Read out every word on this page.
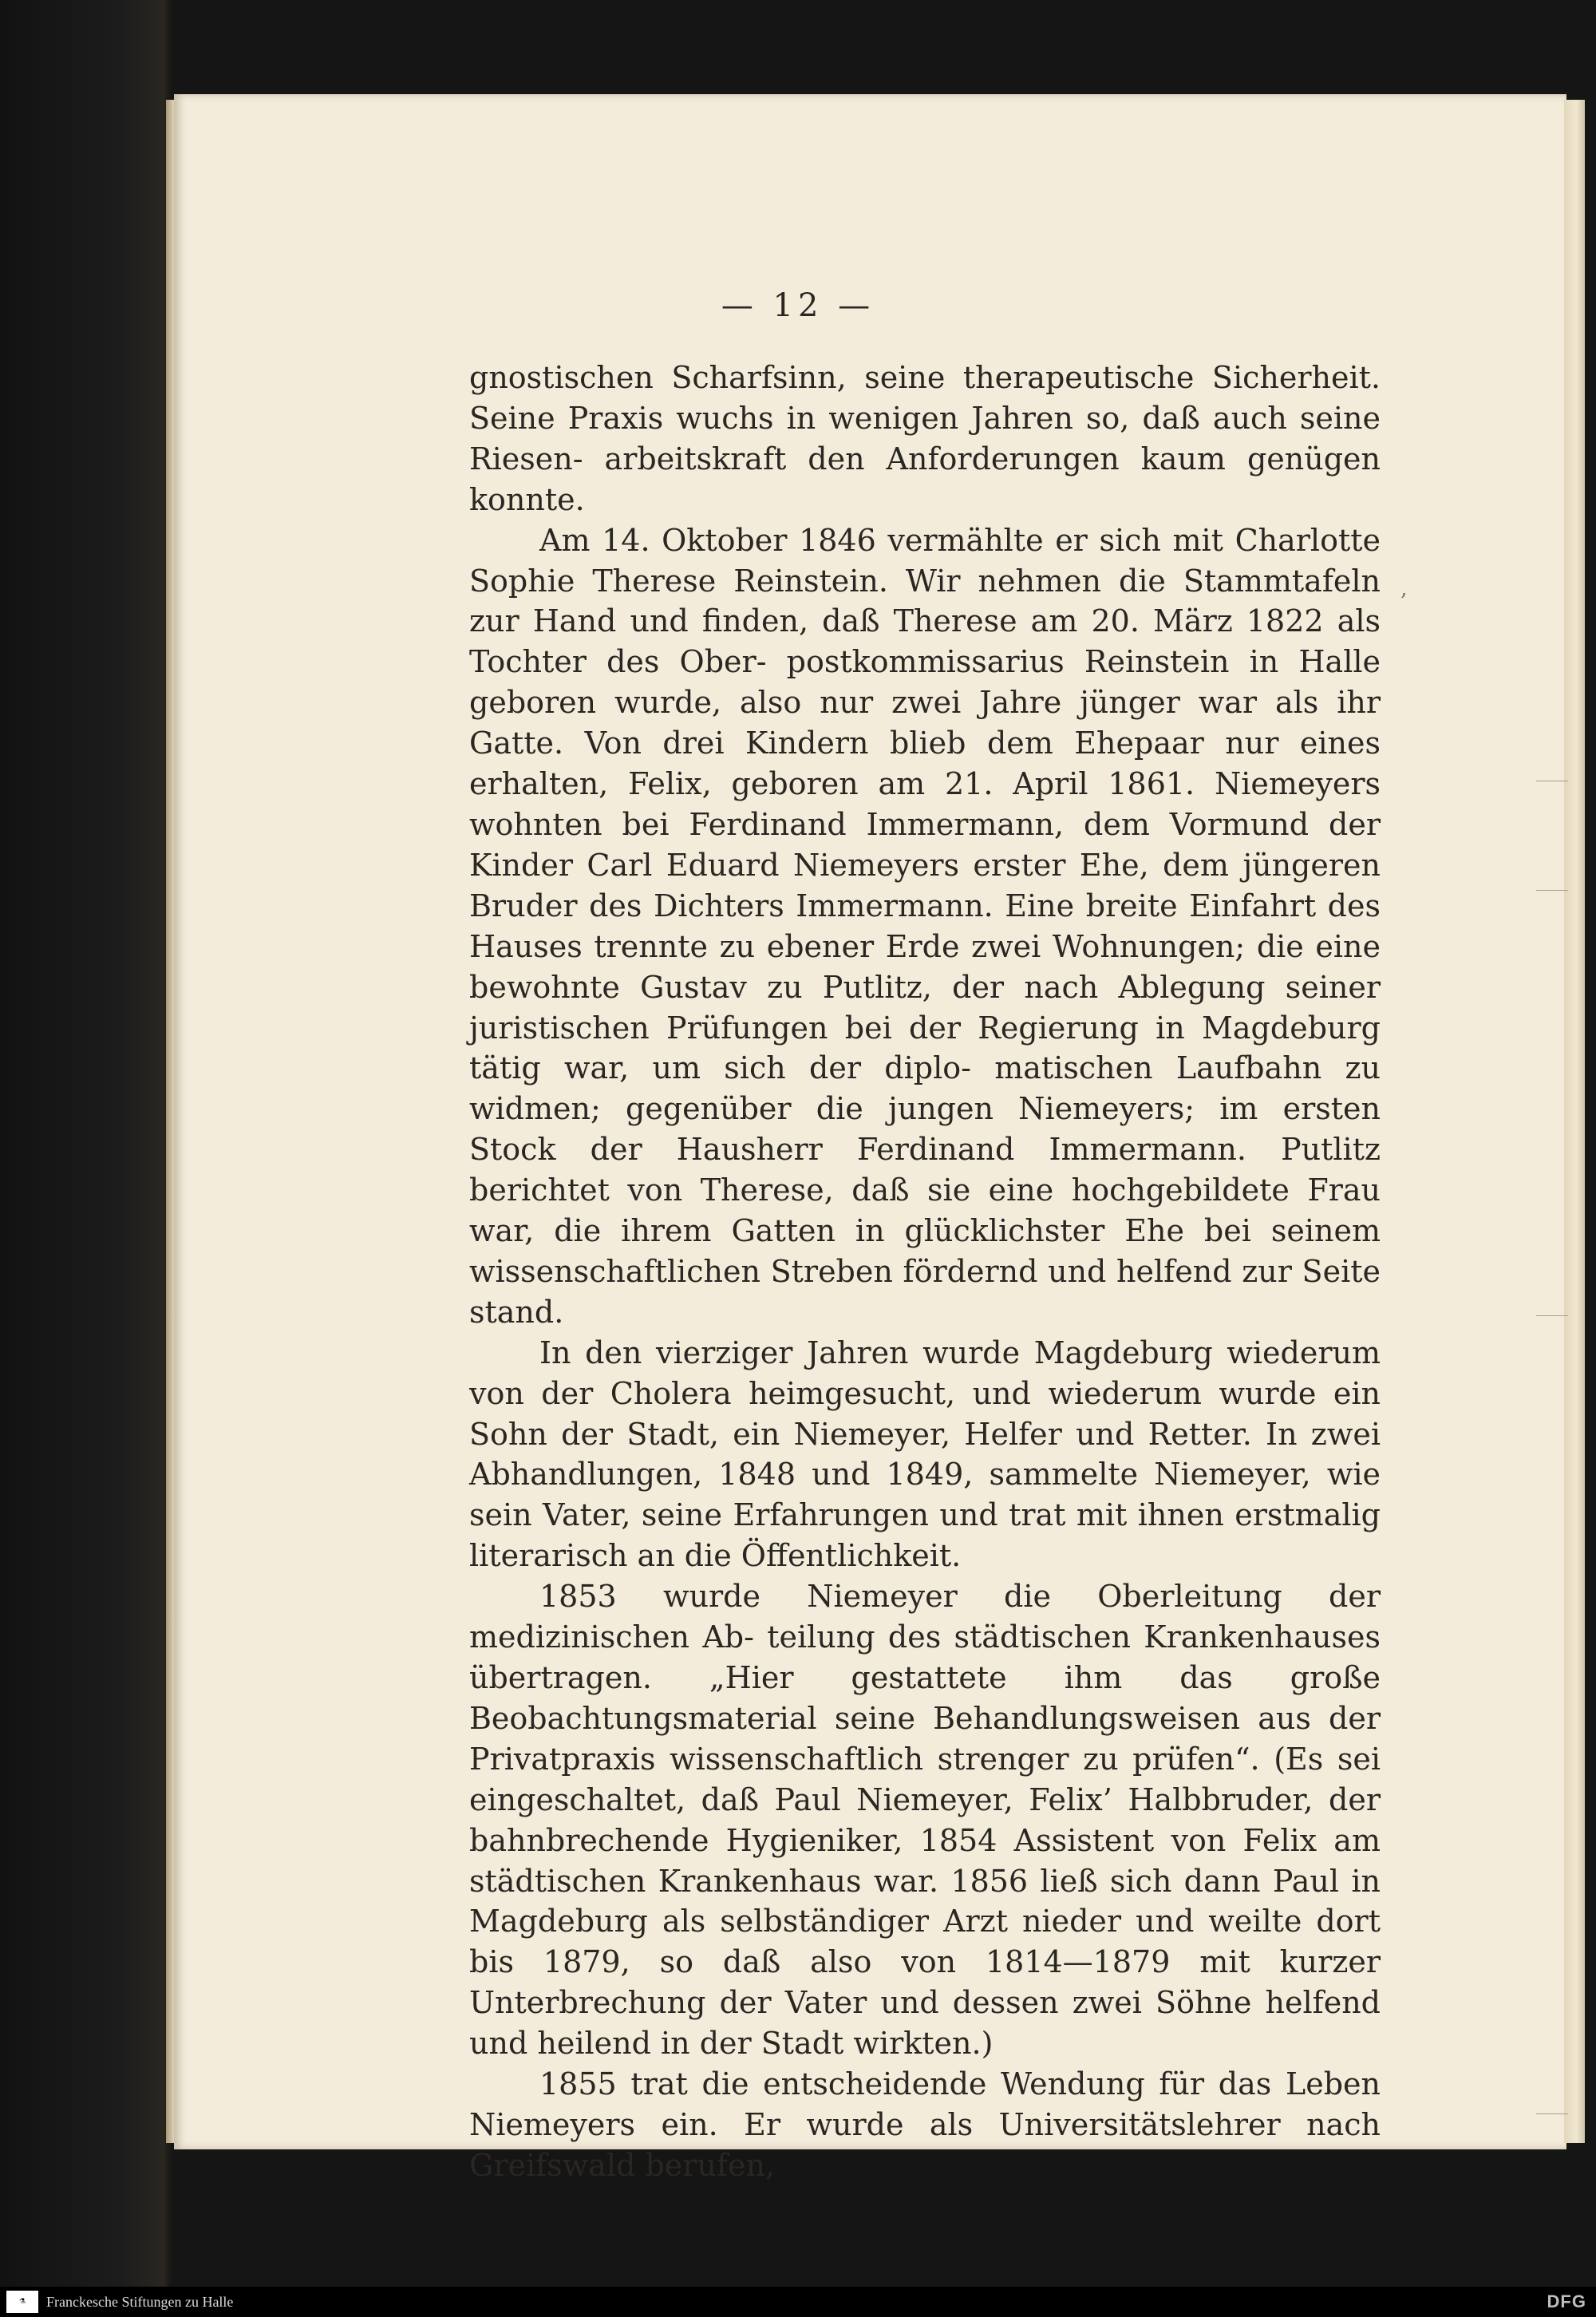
— 12 —

gnostischen Scharfsinn, seine therapeutische Sicherheit. Seine Praxis wuchs in wenigen Jahren so, daß auch seine Riesen- arbeitskraft den Anforderungen kaum genügen konnte.

Am 14. Oktober 1846 vermählte er sich mit Charlotte Sophie Therese Reinstein. Wir nehmen die Stammtafeln zur Hand und finden, daß Therese am 20. März 1822 als Tochter des Ober- postkommissarius Reinstein in Halle geboren wurde, also nur zwei Jahre jünger war als ihr Gatte. Von drei Kindern blieb dem Ehepaar nur eines erhalten, Felix, geboren am 21. April 1861. Niemeyers wohnten bei Ferdinand Immermann, dem Vormund der Kinder Carl Eduard Niemeyers erster Ehe, dem jüngeren Bruder des Dichters Immermann. Eine breite Einfahrt des Hauses trennte zu ebener Erde zwei Wohnungen; die eine bewohnte Gustav zu Putlitz, der nach Ablegung seiner juristischen Prüfungen bei der Regierung in Magdeburg tätig war, um sich der diplo- matischen Laufbahn zu widmen; gegenüber die jungen Niemeyers; im ersten Stock der Hausherr Ferdinand Immermann. Putlitz berichtet von Therese, daß sie eine hochgebildete Frau war, die ihrem Gatten in glücklichster Ehe bei seinem wissenschaftlichen Streben fördernd und helfend zur Seite stand.

In den vierziger Jahren wurde Magdeburg wiederum von der Cholera heimgesucht, und wiederum wurde ein Sohn der Stadt, ein Niemeyer, Helfer und Retter. In zwei Abhandlungen, 1848 und 1849, sammelte Niemeyer, wie sein Vater, seine Erfahrungen und trat mit ihnen erstmalig literarisch an die Öffentlichkeit.

1853 wurde Niemeyer die Oberleitung der medizinischen Ab- teilung des städtischen Krankenhauses übertragen. „Hier gestattete ihm das große Beobachtungsmaterial seine Behandlungsweisen aus der Privatpraxis wissenschaftlich strenger zu prüfen“. (Es sei eingeschaltet, daß Paul Niemeyer, Felix’ Halbbruder, der bahnbrechende Hygieniker, 1854 Assistent von Felix am städtischen Krankenhaus war. 1856 ließ sich dann Paul in Magdeburg als selbständiger Arzt nieder und weilte dort bis 1879, so daß also von 1814—1879 mit kurzer Unterbrechung der Vater und dessen zwei Söhne helfend und heilend in der Stadt wirkten.)

1855 trat die entscheidende Wendung für das Leben Niemeyers ein. Er wurde als Universitätslehrer nach Greifswald berufen,

‚
⚗	Franckesche Stiftungen zu Halle	DFG
